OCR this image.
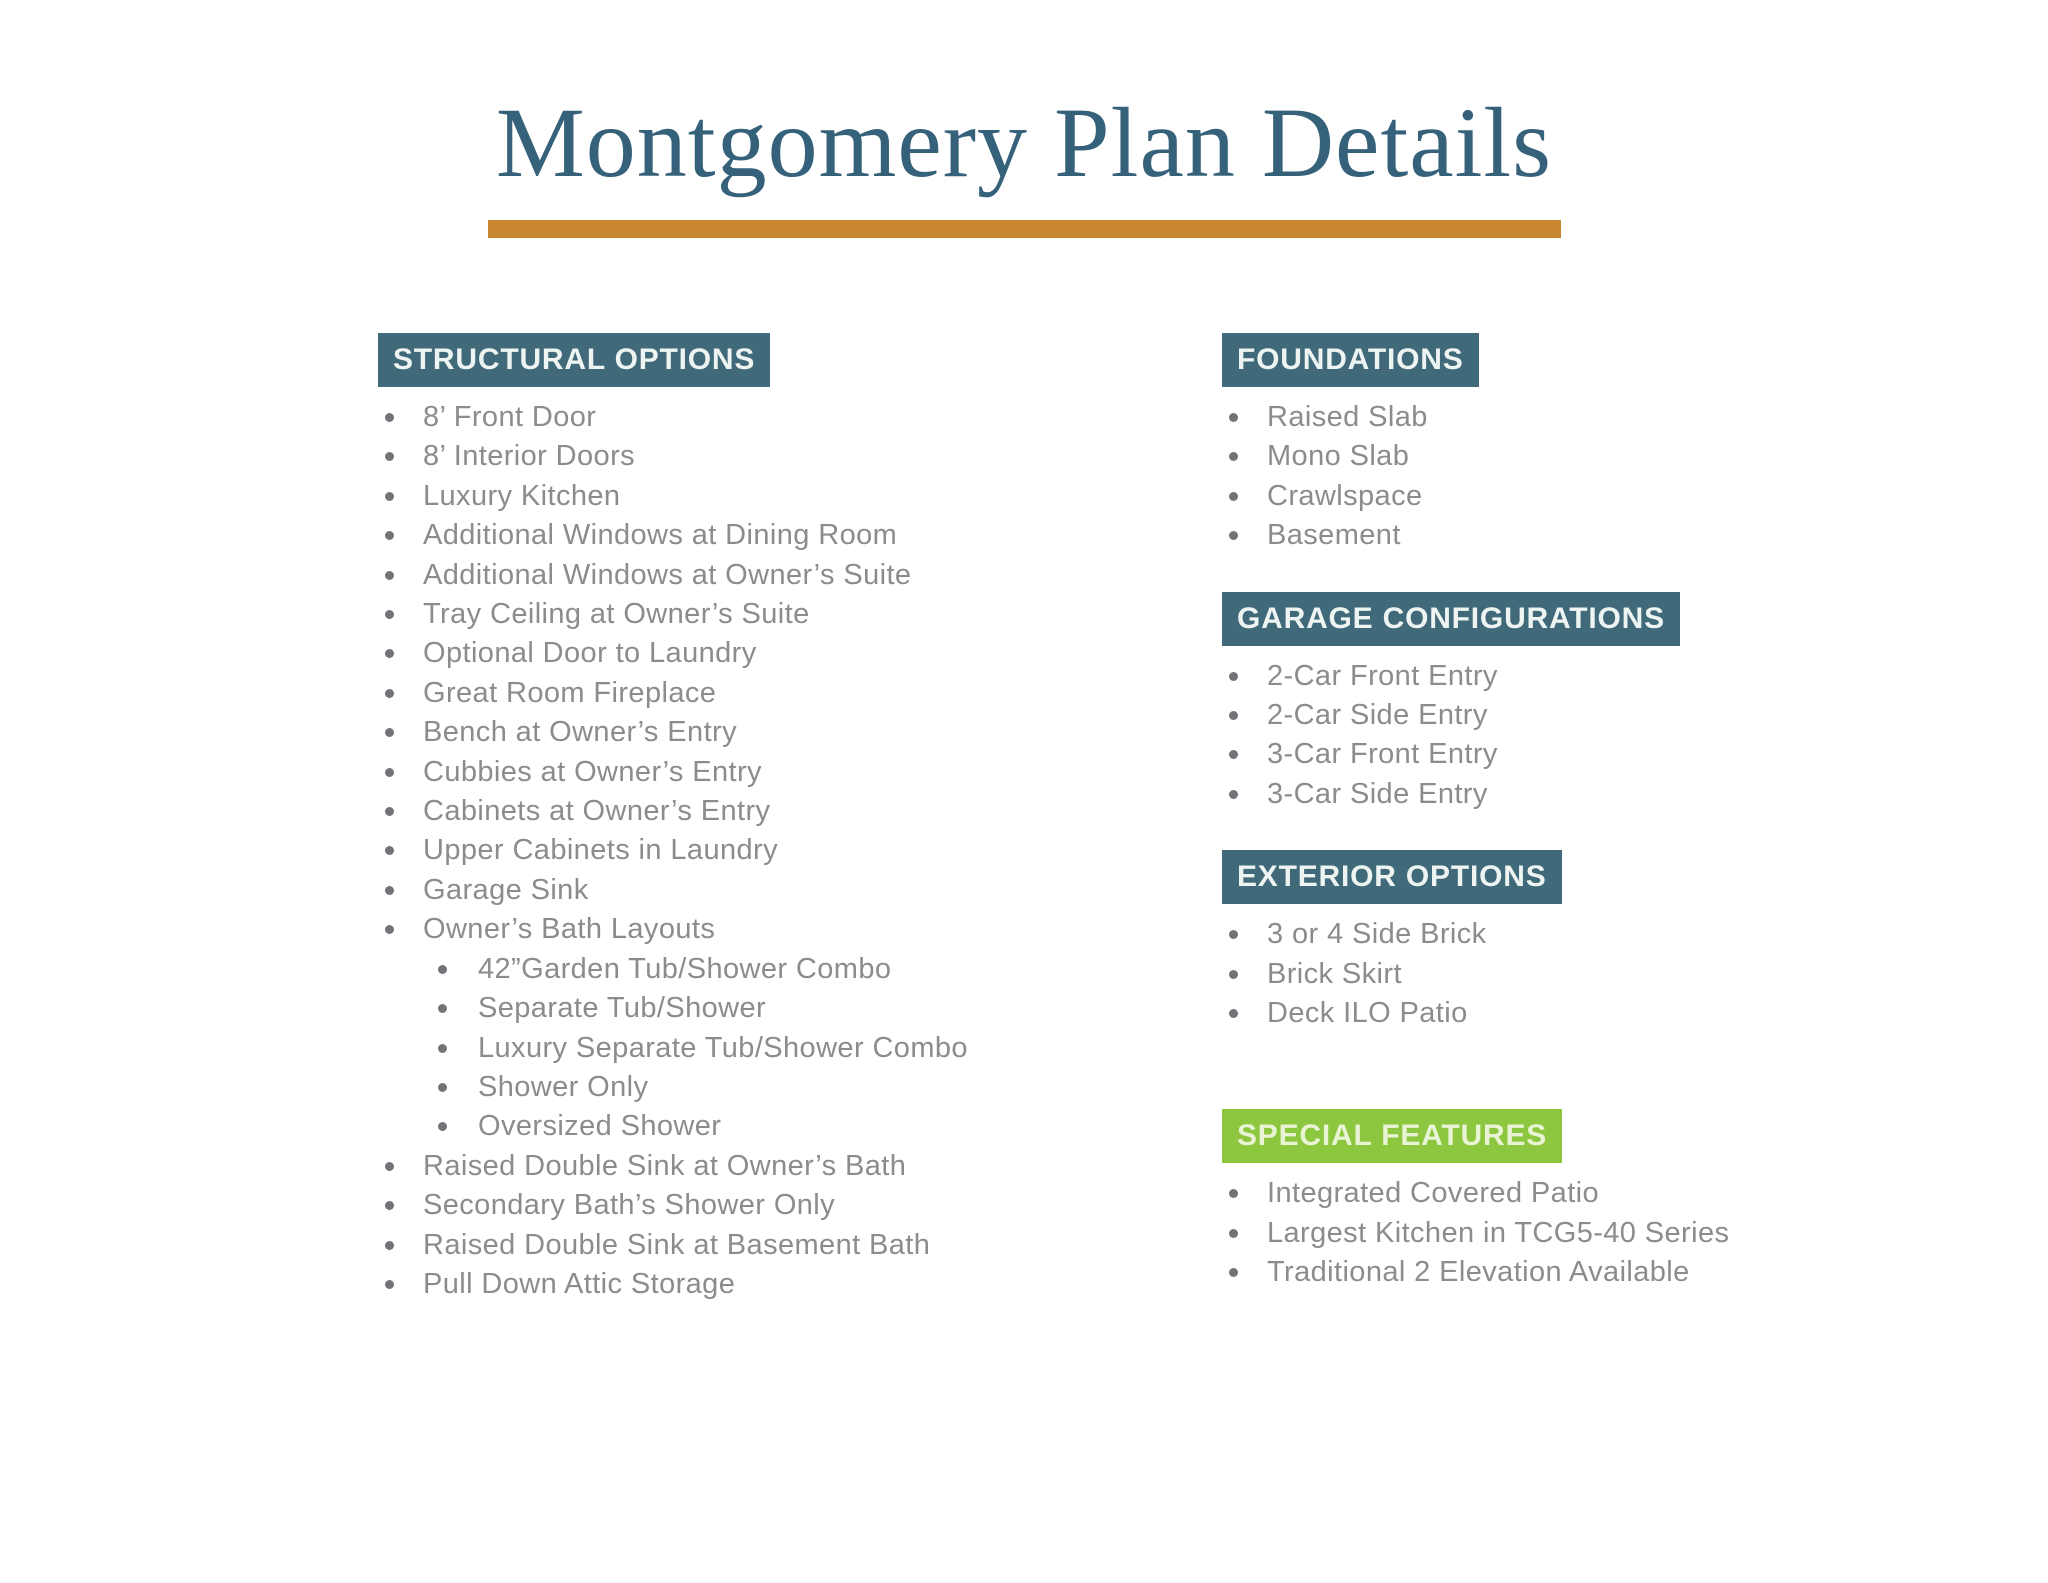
Montgomery Plan Details
STRUCTURAL OPTIONS
8’ Front Door
8’ Interior Doors
Luxury Kitchen
Additional Windows at Dining Room
Additional Windows at Owner’s Suite
Tray Ceiling at Owner’s Suite
Optional Door to Laundry
Great Room Fireplace
Bench at Owner’s Entry
Cubbies at Owner’s Entry
Cabinets at Owner’s Entry
Upper Cabinets in Laundry
Garage Sink
Owner’s Bath Layouts
42”Garden Tub/Shower Combo
Separate Tub/Shower
Luxury Separate Tub/Shower Combo
Shower Only
Oversized Shower
Raised Double Sink at Owner’s Bath
Secondary Bath’s Shower Only
Raised Double Sink at Basement Bath
Pull Down Attic Storage
FOUNDATIONS
Raised Slab
Mono Slab
Crawlspace
Basement
GARAGE CONFIGURATIONS
2-Car Front Entry
2-Car Side Entry
3-Car Front Entry
3-Car Side Entry
EXTERIOR OPTIONS
3 or 4 Side Brick
Brick Skirt
Deck ILO Patio
SPECIAL FEATURES
Integrated Covered Patio
Largest Kitchen in TCG5-40 Series
Traditional 2 Elevation Available
